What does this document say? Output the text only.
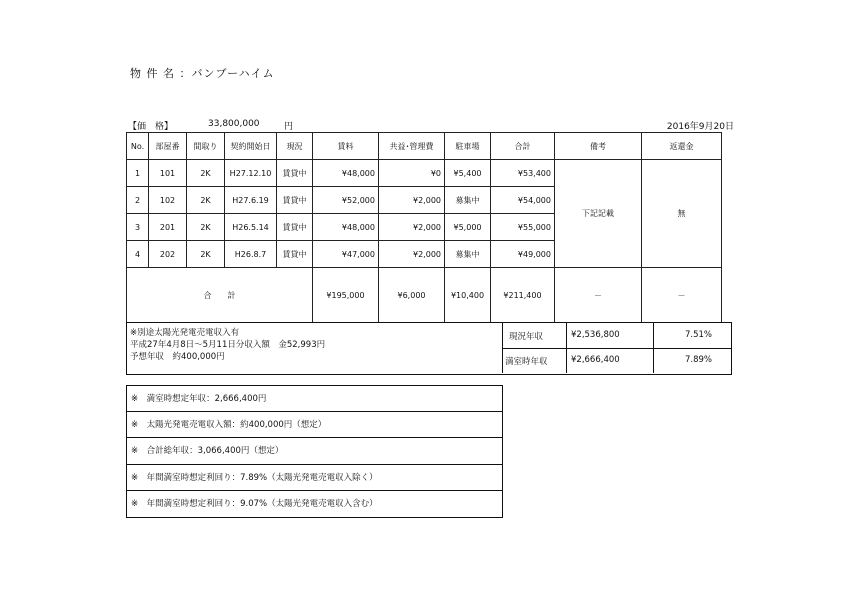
物 件 名 ：バンブーハイム
【価　格】	33,800,000	円	2016年9月20日
No.	部屋番	間取り	契約開始日	現況	賃料	共益･管理費	駐車場	合計	備考	返還金
1	101	2K	H27.12.10	賃貸中	¥48,000	¥0	¥5,400	¥53,400	下記記載	無
2	102	2K	H27.6.19	賃貸中	¥52,000	¥2,000	募集中	¥54,000		
3	201	2K	H26.5.14	賃貸中	¥48,000	¥2,000	¥5,000	¥55,000		
4	202	2K	H26.8.7	賃貸中	¥47,000	¥2,000	募集中	¥49,000		
合　　計					¥195,000	¥6,000	¥10,400	¥211,400	－	－
※別途太陽光発電売電収入有
平成27年4月8日～5月11日分収入額　金52,993円
予想年収　約400,000円
現況年収	¥2,536,800	7.51%
満室時年収	¥2,666,400	7.89%
※　満室時想定年収：2,666,400円
※　太陽光発電売電収入額：約400,000円（想定）
※　合計総年収：3,066,400円（想定）
※　年間満室時想定利回り：7.89%（太陽光発電売電収入除く）
※　年間満室時想定利回り：9.07%（太陽光発電売電収入含む）
